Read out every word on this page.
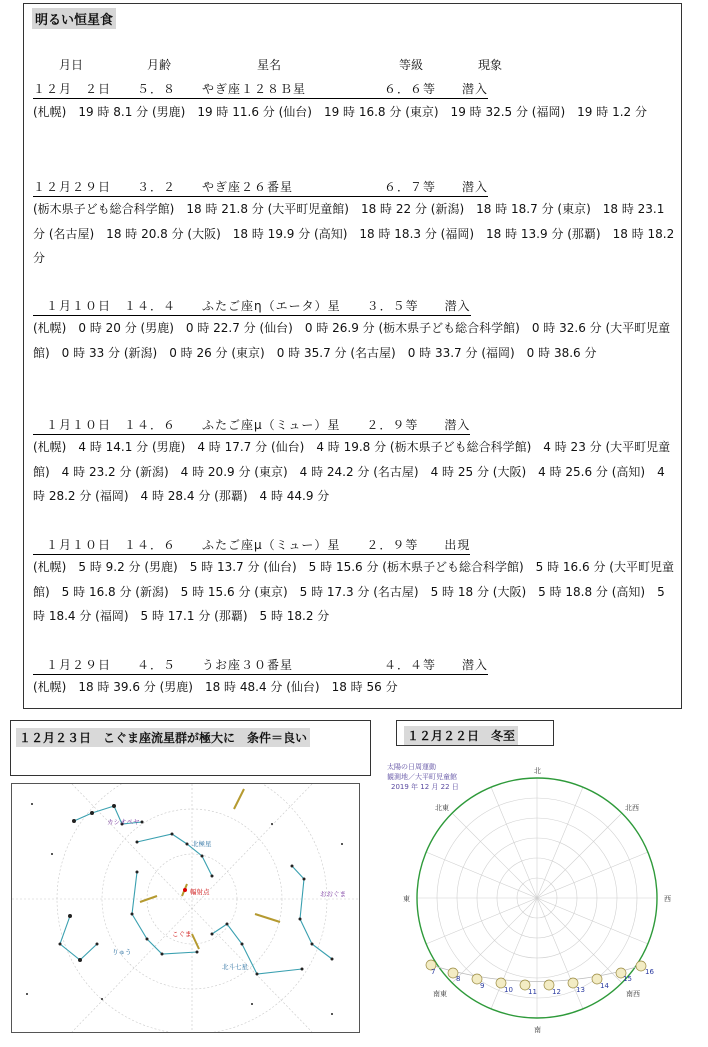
明るい恒星食
月日	月齢	星名	等級	現象
１２月　２日　　５．８　　やぎ座１２８Ｂ星　　　　　　６．６等　　潜入
(札幌)　19 時 8.1 分 (男鹿)　19 時 11.6 分 (仙台)　19 時 16.8 分 (東京)　19 時 32.5 分 (福岡)　19 時 1.2 分
１２月２９日　　３．２　　やぎ座２６番星　　　　　　　６．７等　　潜入
(栃木県子ども総合科学館)　18 時 21.8 分 (大平町児童館)　18 時 22 分 (新潟)　18 時 18.7 分 (東京)　18 時 23.1 分 (名古屋)　18 時 20.8 分 (大阪)　18 時 19.9 分 (高知)　18 時 18.3 分 (福岡)　18 時 13.9 分 (那覇)　18 時 18.2 分
　１月１０日　１４．４　　ふたご座η（エータ）星　　３．５等　　潜入
(札幌)　0 時 20 分 (男鹿)　0 時 22.7 分 (仙台)　0 時 26.9 分 (栃木県子ども総合科学館)　0 時 32.6 分 (大平町児童館)　0 時 33 分 (新潟)　0 時 26 分 (東京)　0 時 35.7 分 (名古屋)　0 時 33.7 分 (福岡)　0 時 38.6 分
　１月１０日　１４．６　　ふたご座μ（ミュー）星　　２．９等　　潜入
(札幌)　4 時 14.1 分 (男鹿)　4 時 17.7 分 (仙台)　4 時 19.8 分 (栃木県子ども総合科学館)　4 時 23 分 (大平町児童館)　4 時 23.2 分 (新潟)　4 時 20.9 分 (東京)　4 時 24.2 分 (名古屋)　4 時 25 分 (大阪)　4 時 25.6 分 (高知)　4 時 28.2 分 (福岡)　4 時 28.4 分 (那覇)　4 時 44.9 分
　１月１０日　１４．６　　ふたご座μ（ミュー）星　　２．９等　　出現
(札幌)　5 時 9.2 分 (男鹿)　5 時 13.7 分 (仙台)　5 時 15.6 分 (栃木県子ども総合科学館)　5 時 16.6 分 (大平町児童館)　5 時 16.8 分 (新潟)　5 時 15.6 分 (東京)　5 時 17.3 分 (名古屋)　5 時 18 分 (大阪)　5 時 18.8 分 (高知)　5 時 18.4 分 (福岡)　5 時 17.1 分 (那覇)　5 時 18.2 分
　１月２９日　　４．５　　うお座３０番星　　　　　　　４．４等　　潜入
(札幌)　18 時 39.6 分 (男鹿)　18 時 48.4 分 (仙台)　18 時 56 分
１２月２３日　こぐま座流星群が極大に　条件＝良い
カシオペヤ
北極星
輻射点
こぐま
りゅう
北斗七星
おおぐま
１２月２２日　冬至
7
8
9	10 11 12 13 14
15
16
北
南
東	西
北東	北西
南東	南西
太陽の日周運動
観測地／大平町児童館
2019 年 12 月 22 日
